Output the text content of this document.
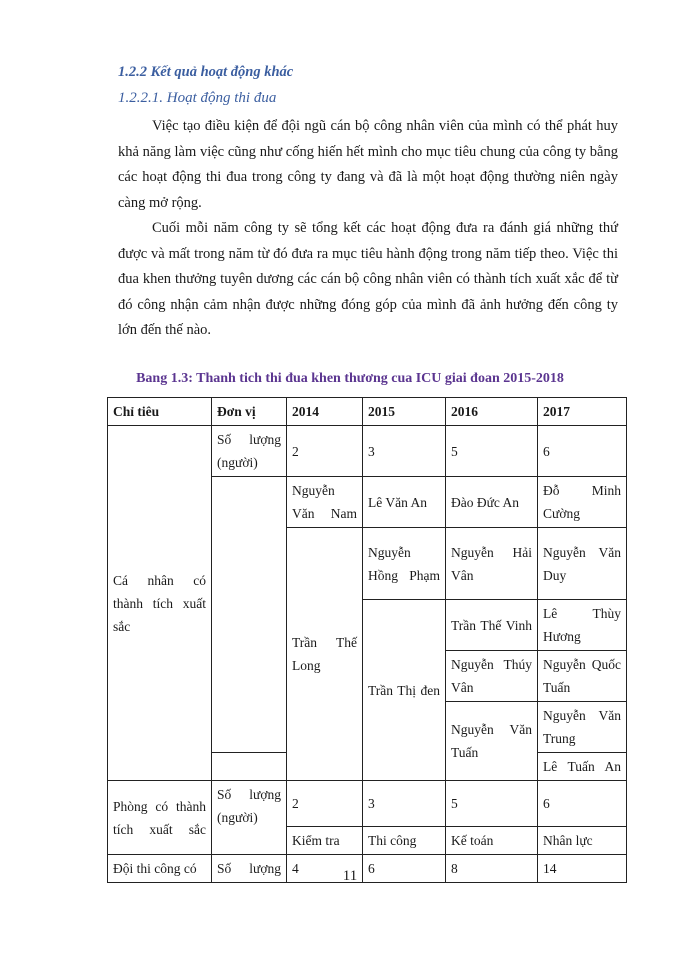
1.2.2 Kết quả hoạt động khác
1.2.2.1. Hoạt động thi đua

Việc tạo điều kiện để đội ngũ cán bộ công nhân viên của mình có thể phát huy khả năng làm việc cũng như cống hiến hết mình cho mục tiêu chung của công ty bằng các hoạt động thi đua trong công ty đang và đã là một hoạt động thường niên ngày càng mở rộng.

Cuối mỗi năm công ty sẽ tổng kết các hoạt động đưa ra đánh giá những thứ được và mất trong năm từ đó đưa ra mục tiêu hành động trong năm tiếp theo. Việc thi đua khen thưởng tuyên dương các cán bộ công nhân viên có thành tích xuất xắc để từ đó công nhận cảm nhận được những đóng góp của mình đã ảnh hưởng đến công ty lớn đến thế nào.

Bang 1.3: Thanh tich thi đua khen thương cua ICU giai đoan 2015-2018
Chỉ tiêu	Đơn vị	2014	2015	2016	2017
Cá nhân có thành tích xuất sắc	Số lượng (người)	2	3	5	6
		Nguyễn Văn Nam	Lê Văn An	Đào Đức An	Đỗ Minh Cường
		Trần Thế Long	Nguyễn Hồng Phạm	Nguyễn Hải Vân	Nguyễn Văn Duy
			Trần Thị đen	Trần Thế Vinh	Lê Thùy Hương
				Nguyễn Thúy Vân	Nguyễn Quốc Tuấn
				Nguyễn Văn Tuấn	Nguyễn Văn Trung
					Lê Tuấn An
Phòng có thành tích xuất sắc	Số lượng (người)	2	3	5	6
		Kiểm tra	Thi công	Kế toán	Nhân lực
Đội thi công có	Số lượng	4	6	8	14
11
